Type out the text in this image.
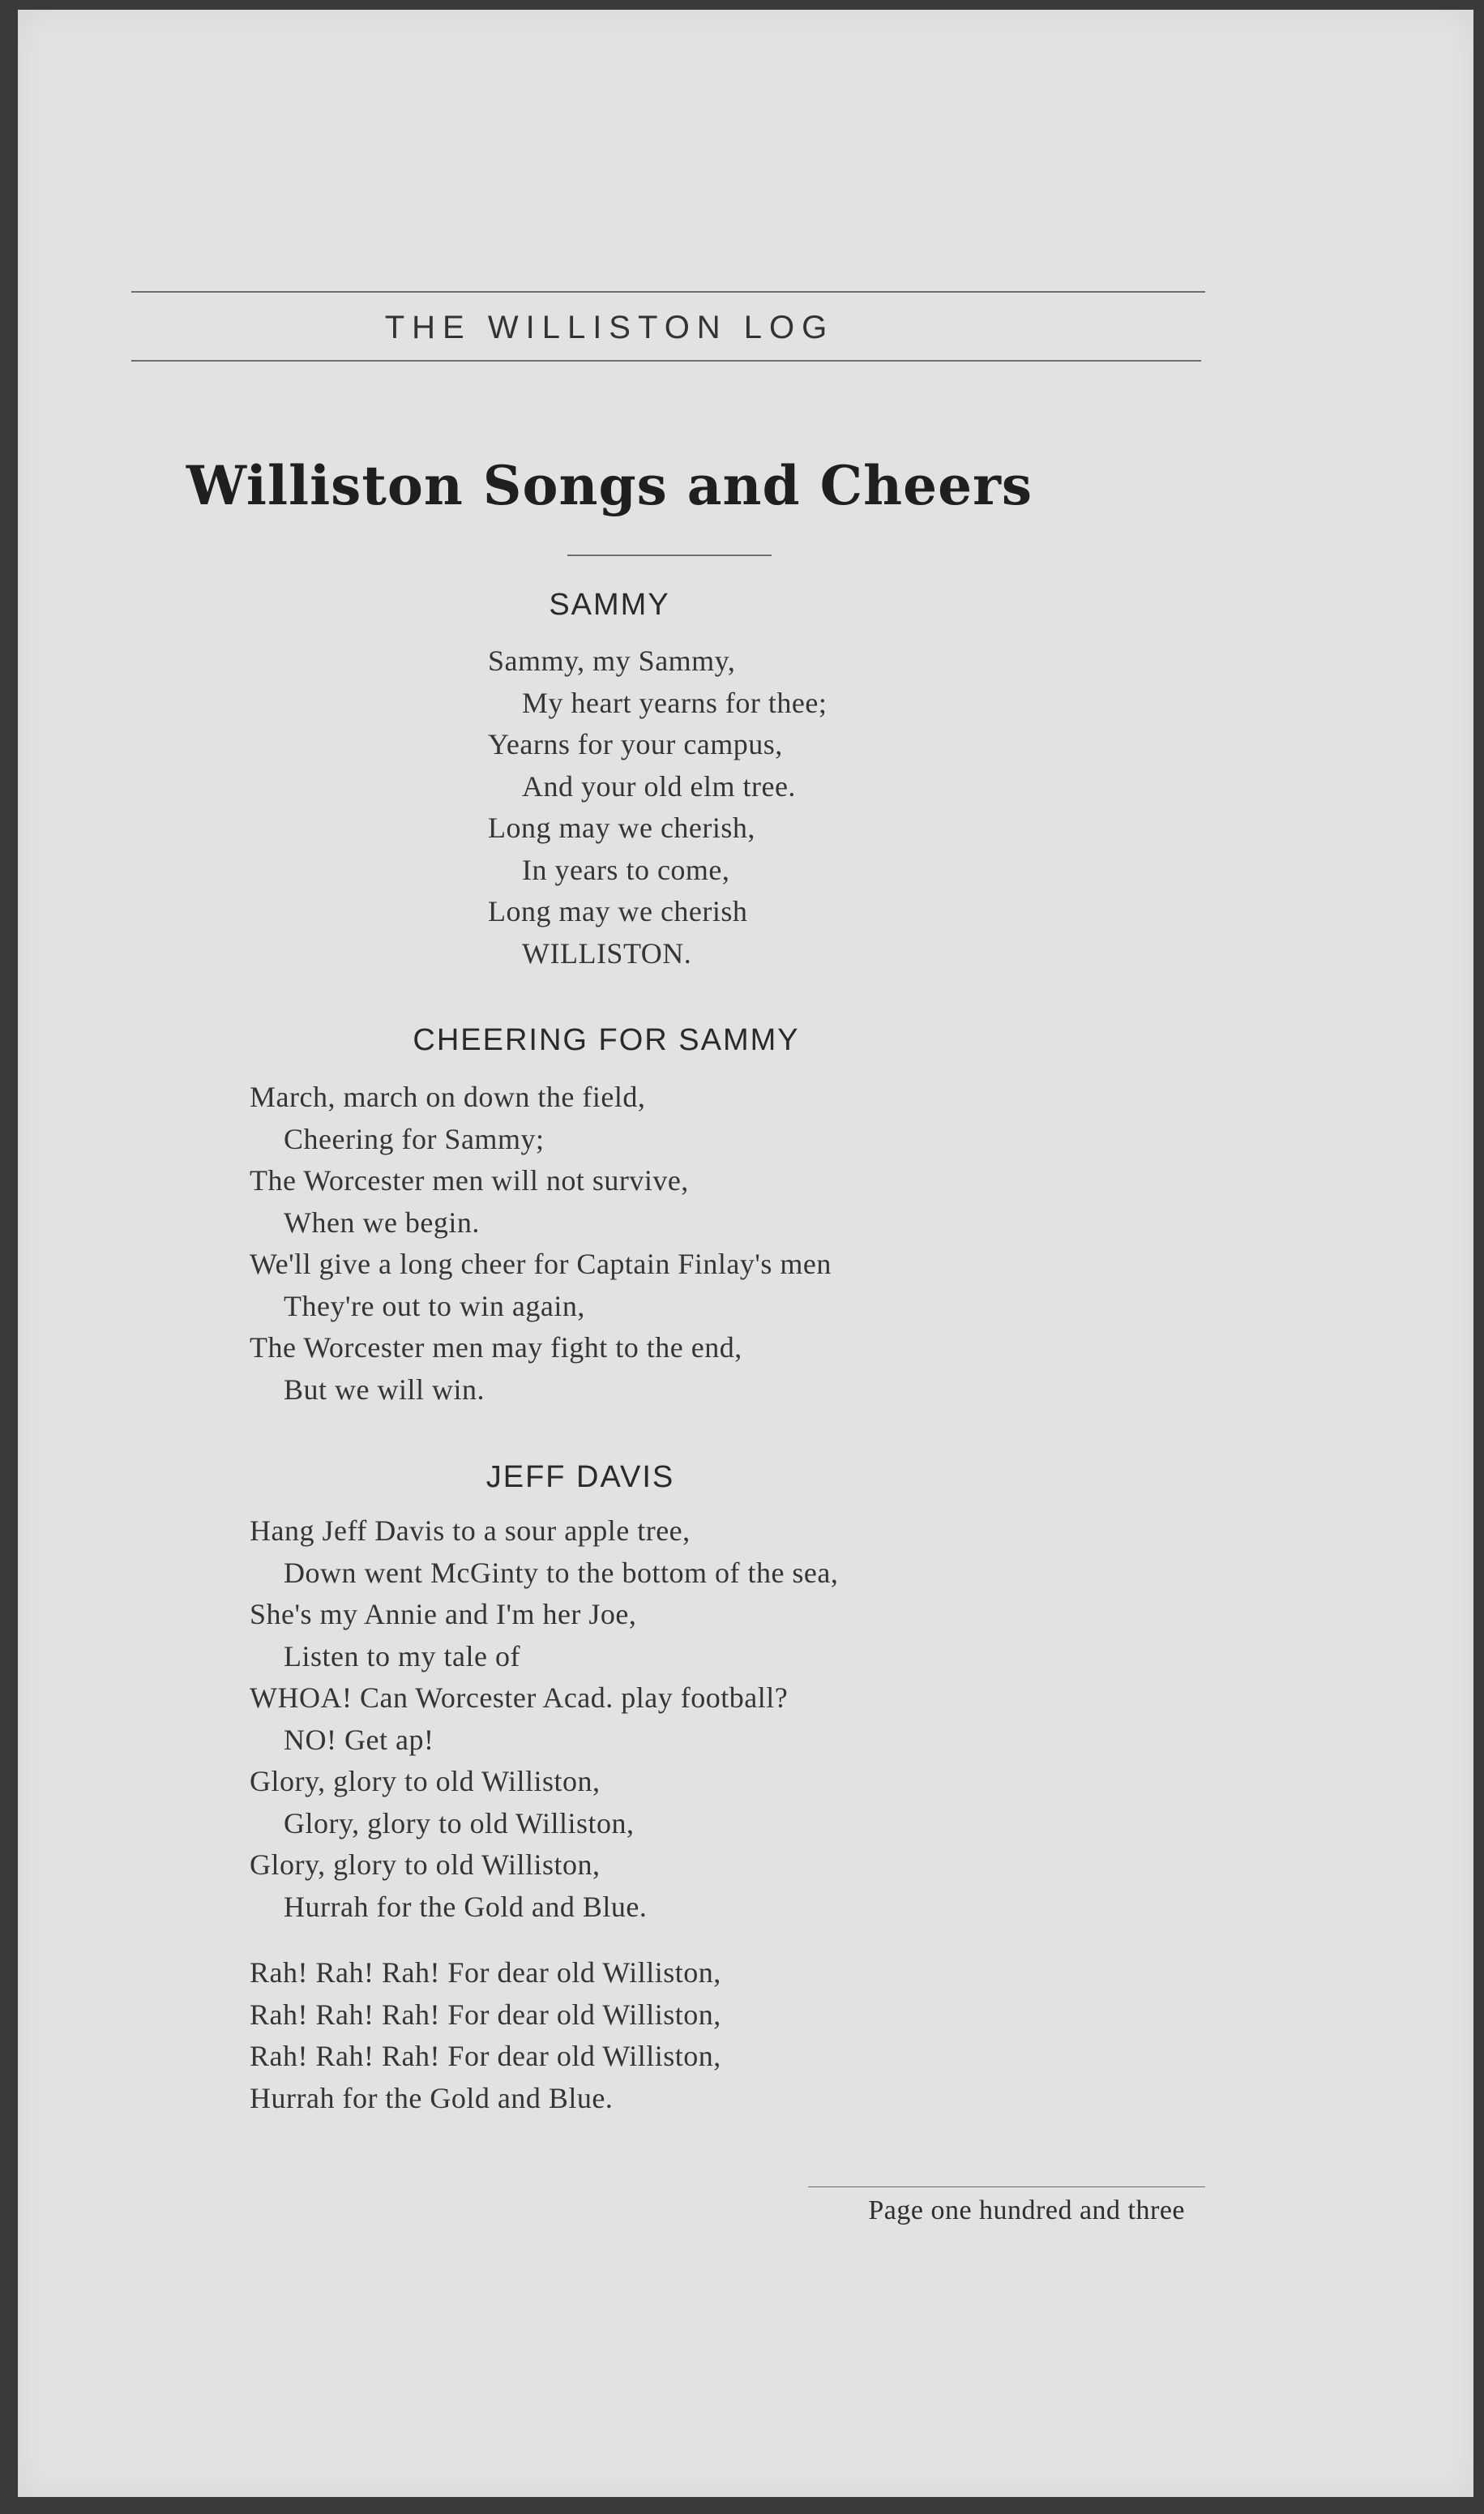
THE WILLISTON LOG
Williston Songs and Cheers
SAMMY
Sammy, my Sammy,
My heart yearns for thee;
Yearns for your campus,
And your old elm tree.
Long may we cherish,
In years to come,
Long may we cherish
WILLISTON.
CHEERING FOR SAMMY
March, march on down the field,
Cheering for Sammy;
The Worcester men will not survive,
When we begin.
We'll give a long cheer for Captain Finlay's men
They're out to win again,
The Worcester men may fight to the end,
But we will win.
JEFF DAVIS
Hang Jeff Davis to a sour apple tree,
Down went McGinty to the bottom of the sea,
She's my Annie and I'm her Joe,
Listen to my tale of
WHOA! Can Worcester Acad. play football?
NO! Get ap!
Glory, glory to old Williston,
Glory, glory to old Williston,
Glory, glory to old Williston,
Hurrah for the Gold and Blue.
Rah! Rah! Rah! For dear old Williston,
Rah! Rah! Rah! For dear old Williston,
Rah! Rah! Rah! For dear old Williston,
Hurrah for the Gold and Blue.
Page one hundred and three
